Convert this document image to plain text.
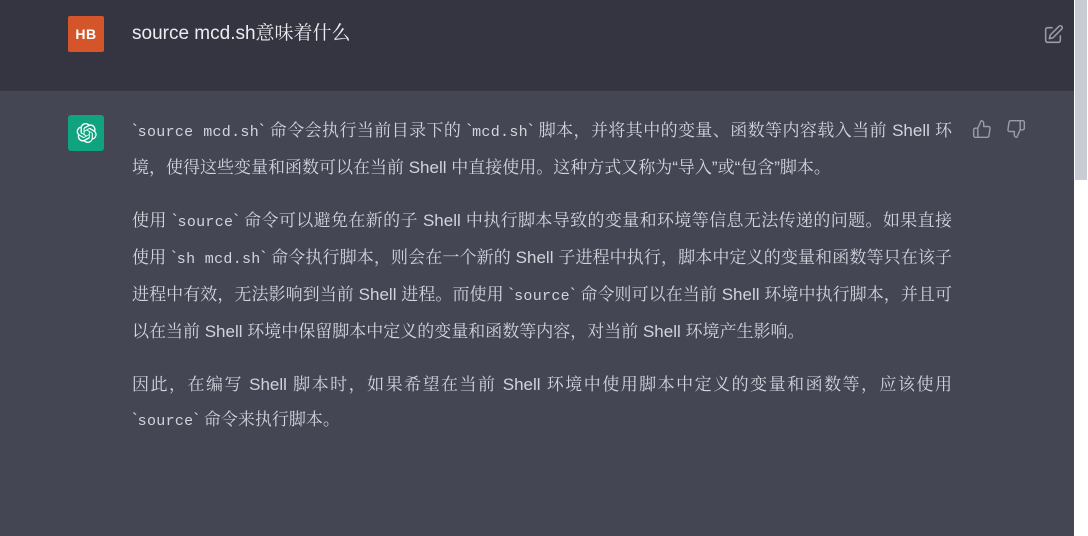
HB	source mcd.sh意味着什么

`source mcd.sh` 命令会执行当前目录下的 `mcd.sh` 脚本，并将其中的变量、函数等内容载入当前 Shell 环境，使得这些变量和函数可以在当前 Shell 中直接使用。这种方式又称为“导入”或“包含”脚本。

使用 `source` 命令可以避免在新的子 Shell 中执行脚本导致的变量和环境等信息无法传递的问题。如果直接使用 `sh mcd.sh` 命令执行脚本，则会在一个新的 Shell 子进程中执行，脚本中定义的变量和函数等只在该子进程中有效，无法影响到当前 Shell 进程。而使用 `source` 命令则可以在当前 Shell 环境中执行脚本，并且可以在当前 Shell 环境中保留脚本中定义的变量和函数等内容，对当前 Shell 环境产生影响。

因此，在编写 Shell 脚本时，如果希望在当前 Shell 环境中使用脚本中定义的变量和函数等，应该使用 `source` 命令来执行脚本。
